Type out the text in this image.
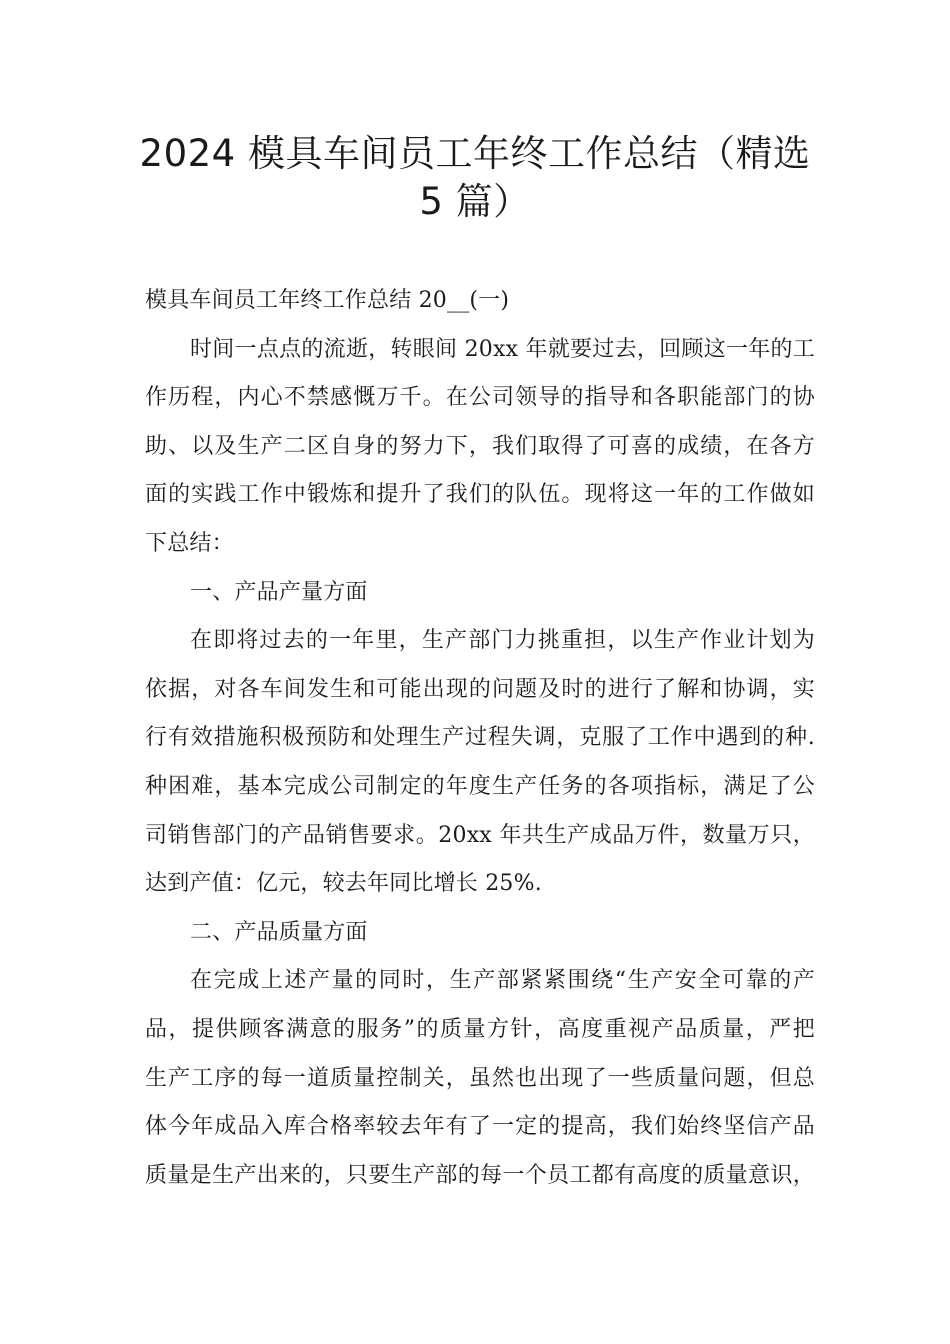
2024 模具车间员工年终工作总结（精选
5 篇）
模具车间员工年终工作总结 20__(一)
时间一点点的流逝，转眼间 20xx 年就要过去，回顾这一年的工
作历程，内心不禁感慨万千。在公司领导的指导和各职能部门的协
助、以及生产二区自身的努力下，我们取得了可喜的成绩，在各方
面的实践工作中锻炼和提升了我们的队伍。现将这一年的工作做如
下总结：
一、产品产量方面
在即将过去的一年里，生产部门力挑重担，以生产作业计划为
依据，对各车间发生和可能出现的问题及时的进行了解和协调，实
行有效措施积极预防和处理生产过程失调，克服了工作中遇到的种.
种困难，基本完成公司制定的年度生产任务的各项指标，满足了公
司销售部门的产品销售要求。20xx 年共生产成品万件，数量万只，
达到产值：亿元，较去年同比增长 25%.
二、产品质量方面
在完成上述产量的同时，生产部紧紧围绕“生产安全可靠的产
品，提供顾客满意的服务”的质量方针，高度重视产品质量，严把
生产工序的每一道质量控制关，虽然也出现了一些质量问题，但总
体今年成品入库合格率较去年有了一定的提高，我们始终坚信产品
质量是生产出来的，只要生产部的每一个员工都有高度的质量意识，
